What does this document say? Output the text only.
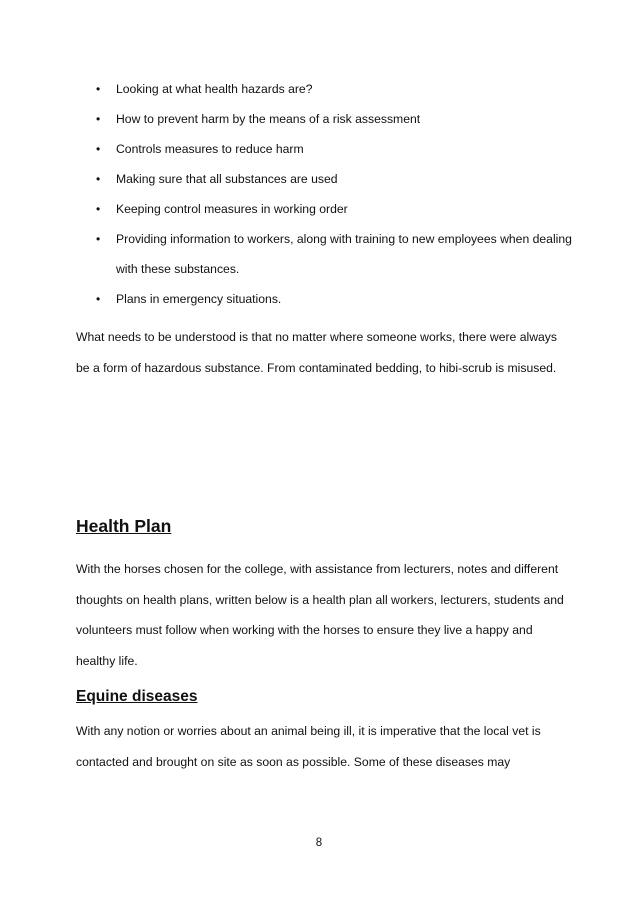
• Looking at what health hazards are?
• How to prevent harm by the means of a risk assessment
• Controls measures to reduce harm
• Making sure that all substances are used
• Keeping control measures in working order
• Providing information to workers, along with training to new employees when dealing with these substances.
• Plans in emergency situations.

What needs to be understood is that no matter where someone works, there were always be a form of hazardous substance. From contaminated bedding, to hibi-scrub is misused.

Health Plan

With the horses chosen for the college, with assistance from lecturers, notes and different thoughts on health plans, written below is a health plan all workers, lecturers, students and volunteers must follow when working with the horses to ensure they live a happy and healthy life.

Equine diseases

With any notion or worries about an animal being ill, it is imperative that the local vet is contacted and brought on site as soon as possible. Some of these diseases may

8
